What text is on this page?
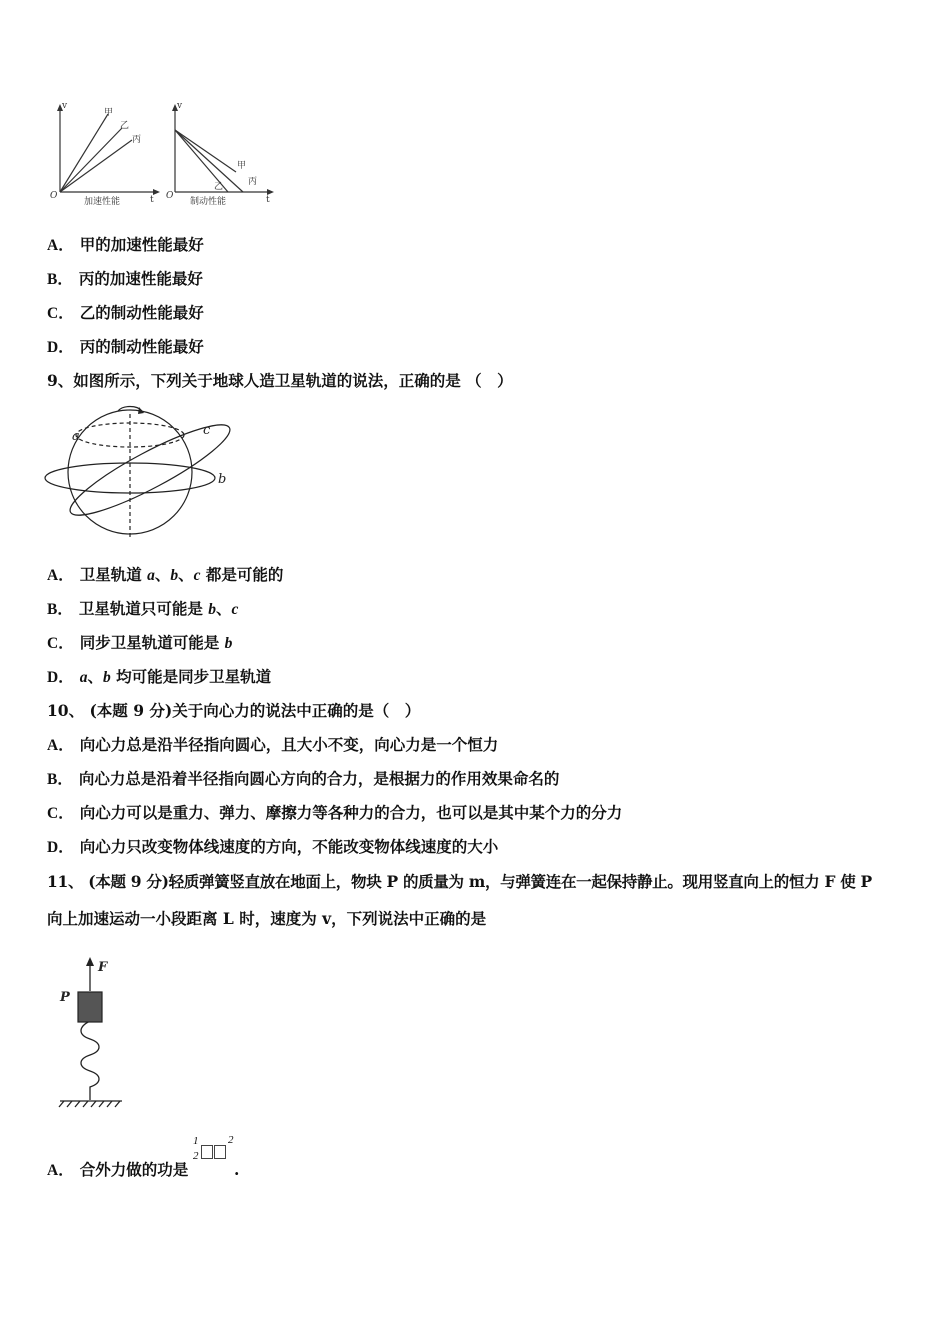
v
O	t
加速性能
甲
乙
丙
v
O	t
制动性能
甲
乙	丙
A． 甲的加速性能最好
B． 丙的加速性能最好
C． 乙的制动性能最好
D． 丙的制动性能最好
9、如图所示，下列关于地球人造卫星轨道的说法，正确的是 （　）
a
b
c
A． 卫星轨道 a、b、c 都是可能的
B． 卫星轨道只可能是 b、c
C． 同步卫星轨道可能是 b
D． a、b 均可能是同步卫星轨道
10、 (本题 9 分)关于向心力的说法中正确的是（　）
A． 向心力总是沿半径指向圆心，且大小不变，向心力是一个恒力
B． 向心力总是沿着半径指向圆心方向的合力，是根据力的作用效果命名的
C． 向心力可以是重力、弹力、摩擦力等各种力的合力，也可以是其中某个力的分力
D． 向心力只改变物体线速度的方向，不能改变物体线速度的大小
11、 (本题 9 分)轻质弹簧竖直放在地面上，物块 P 的质量为 m，与弹簧连在一起保持静止。现用竖直向上的恒力 F 使 P
向上加速运动一小段距离 L 时，速度为 v，下列说法中正确的是
F
P
A． 合外力做的功是
1
2
2
.
